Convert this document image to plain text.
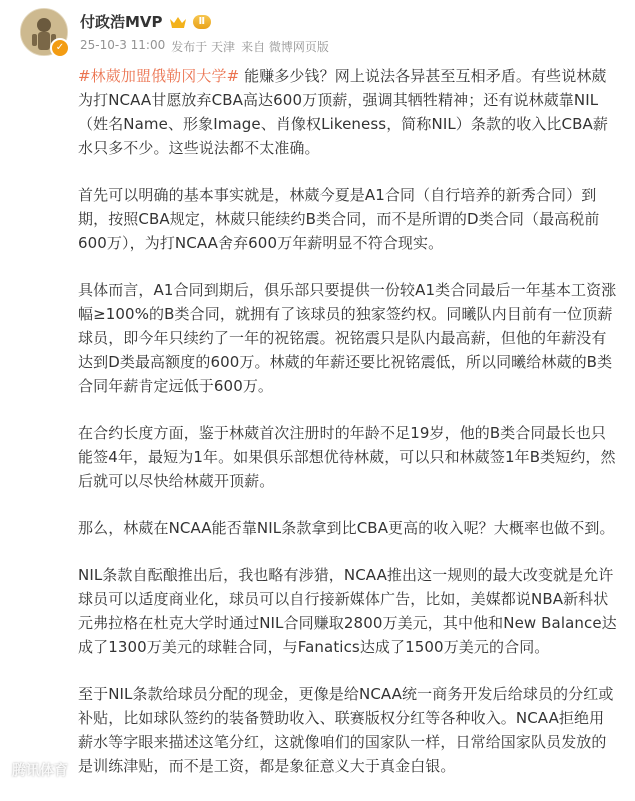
✓
付政浩MVP	Ⅱ
25-10-3 11:00 发布于 天津 来自 微博网页版

#林葳加盟俄勒冈大学# 能赚多少钱？网上说法各异甚至互相矛盾。有些说林葳为打NCAA甘愿放弃CBA高达600万顶薪，强调其牺牲精神；还有说林葳靠NIL（姓名Name、形象Image、肖像权Likeness，简称NIL）条款的收入比CBA薪水只多不少。这些说法都不太准确。

首先可以明确的基本事实就是，林葳今夏是A1合同（自行培养的新秀合同）到期，按照CBA规定，林葳只能续约B类合同，而不是所谓的D类合同（最高税前600万），为打NCAA舍弃600万年薪明显不符合现实。

具体而言，A1合同到期后，俱乐部只要提供一份较A1类合同最后一年基本工资涨幅≥100%的B类合同，就拥有了该球员的独家签约权。同曦队内目前有一位顶薪球员，即今年只续约了一年的祝铭震。祝铭震只是队内最高薪，但他的年薪没有达到D类最高额度的600万。林葳的年薪还要比祝铭震低，所以同曦给林葳的B类合同年薪肯定远低于600万。

在合约长度方面，鉴于林葳首次注册时的年龄不足19岁，他的B类合同最长也只能签4年，最短为1年。如果俱乐部想优待林葳，可以只和林葳签1年B类短约，然后就可以尽快给林葳开顶薪。

那么，林葳在NCAA能否靠NIL条款拿到比CBA更高的收入呢？大概率也做不到。

NIL条款自酝酿推出后，我也略有涉猎，NCAA推出这一规则的最大改变就是允许球员可以适度商业化，球员可以自行接新媒体广告，比如，美媒都说NBA新科状元弗拉格在杜克大学时通过NIL合同赚取2800万美元，其中他和New Balance达成了1300万美元的球鞋合同，与Fanatics达成了1500万美元的合同。

至于NIL条款给球员分配的现金，更像是给NCAA统一商务开发后给球员的分红或补贴，比如球队签约的装备赞助收入、联赛版权分红等各种收入。NCAA拒绝用薪水等字眼来描述这笔分红，这就像咱们的国家队一样，日常给国家队员发放的是训练津贴，而不是工资，都是象征意义大于真金白银。

腾讯体育
